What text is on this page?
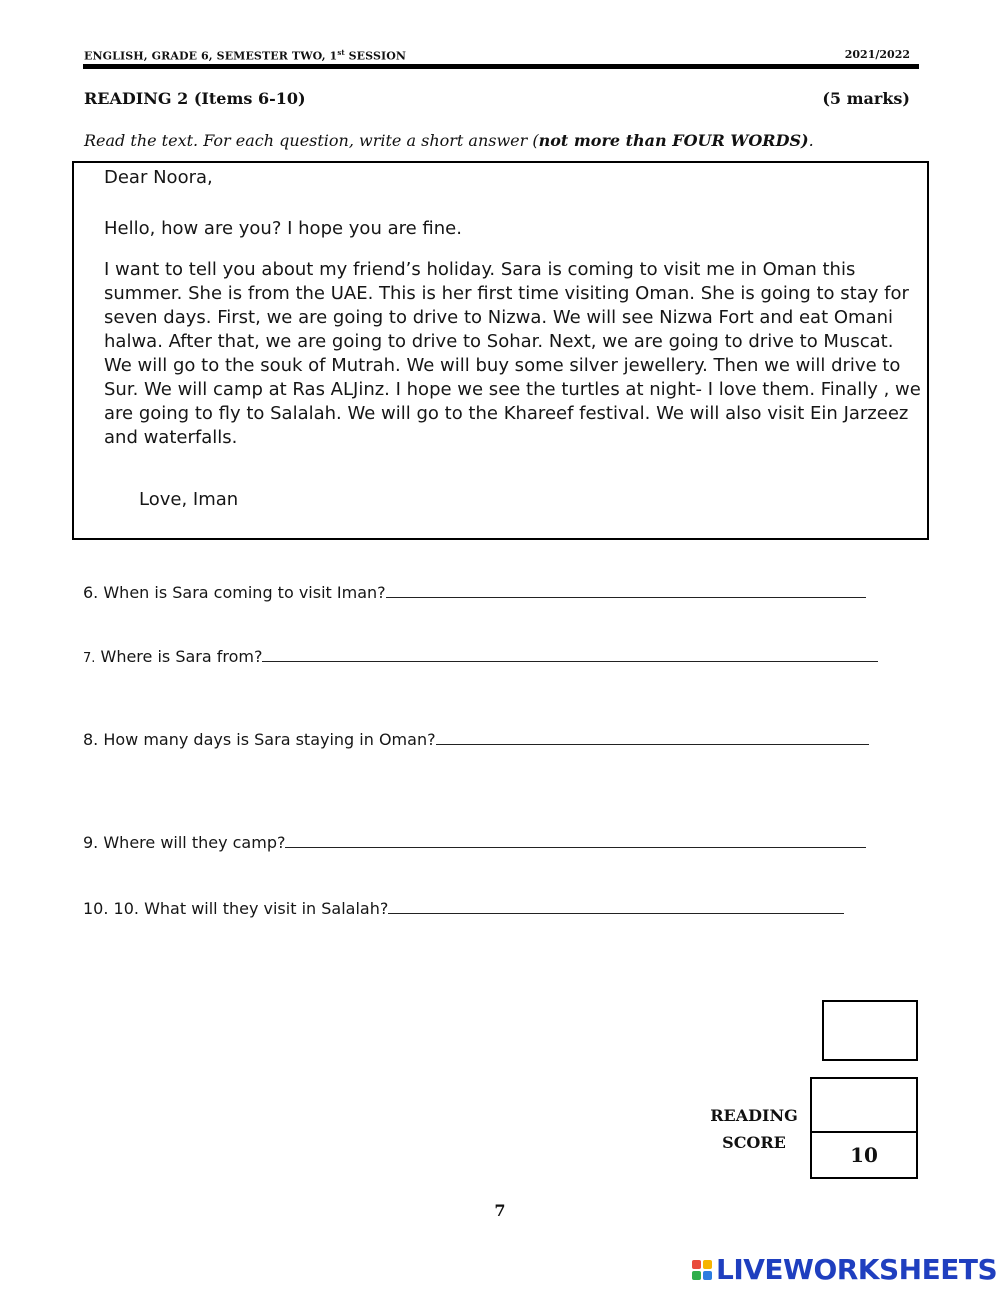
ENGLISH, GRADE 6, SEMESTER TWO, 1st SESSION	2021/2022
READING 2 (Items 6-10)	(5 marks)
Read the text. For each question, write a short answer (not more than FOUR WORDS).
Dear Noora,
Hello, how are you? I hope you are fine.
I want to tell you about my friend’s holiday. Sara is coming to visit me in Oman this summer. She is from the UAE. This is her first time visiting Oman. She is going to stay for seven days. First, we are going to drive to Nizwa. We will see Nizwa Fort and eat Omani halwa. After that, we are going to drive to Sohar. Next, we are going to drive to Muscat. We will go to the souk of Mutrah. We will buy some silver jewellery. Then we will drive to Sur. We will camp at Ras ALJinz. I hope we see the turtles at night- I love them. Finally , we are going to fly to Salalah. We will go to the Khareef festival. We will also visit Ein Jarzeez and waterfalls.
Love, Iman
6. When is Sara coming to visit Iman?
7. Where is Sara from?
8. How many days is Sara staying in Oman?
9. Where will they camp?
10. 10. What will they visit in Salalah?
READING
SCORE
10
7
LIVEWORKSHEETS
